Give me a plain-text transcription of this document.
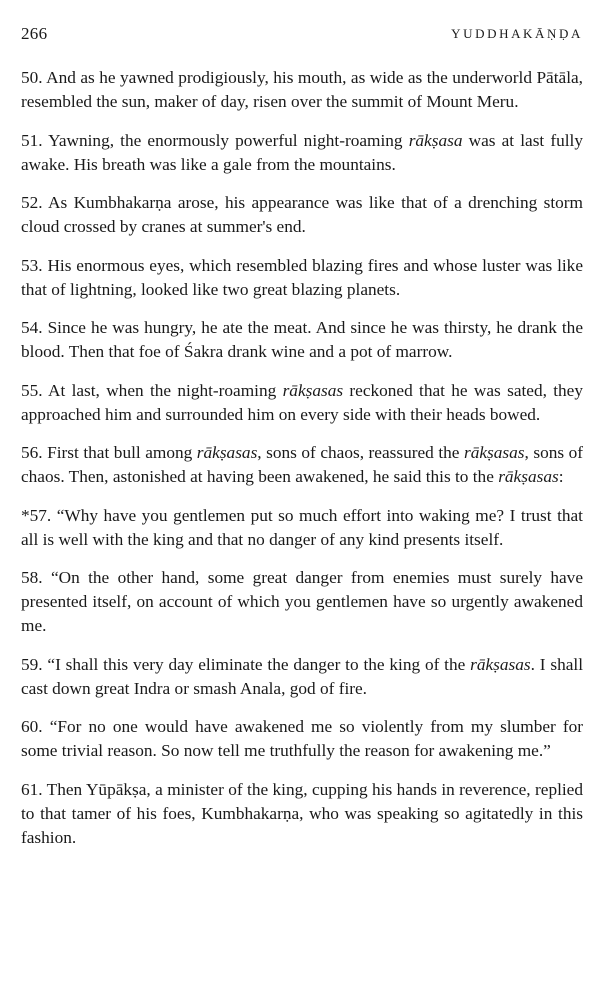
266	YUDDHAKĀṆḌA

50. And as he yawned prodigiously, his mouth, as wide as the underworld Pātāla, resembled the sun, maker of day, risen over the summit of Mount Meru.

51. Yawning, the enormously powerful night-roaming rākṣasa was at last fully awake. His breath was like a gale from the mountains.

52. As Kumbhakarṇa arose, his appearance was like that of a drenching storm cloud crossed by cranes at summer's end.

53. His enormous eyes, which resembled blazing fires and whose luster was like that of lightning, looked like two great blazing planets.

54. Since he was hungry, he ate the meat. And since he was thirsty, he drank the blood. Then that foe of Śakra drank wine and a pot of marrow.

55. At last, when the night-roaming rākṣasas reckoned that he was sated, they approached him and surrounded him on every side with their heads bowed.

56. First that bull among rākṣasas, sons of chaos, reassured the rākṣasas, sons of chaos. Then, astonished at having been awakened, he said this to the rākṣasas:

*57. “Why have you gentlemen put so much effort into waking me? I trust that all is well with the king and that no danger of any kind presents itself.

58. “On the other hand, some great danger from enemies must surely have presented itself, on account of which you gentlemen have so urgently awakened me.

59. “I shall this very day eliminate the danger to the king of the rākṣasas. I shall cast down great Indra or smash Anala, god of fire.

60. “For no one would have awakened me so violently from my slumber for some trivial reason. So now tell me truthfully the reason for awakening me.”

61. Then Yūpākṣa, a minister of the king, cupping his hands in reverence, replied to that tamer of his foes, Kumbhakarṇa, who was speaking so agitatedly in this fashion.
